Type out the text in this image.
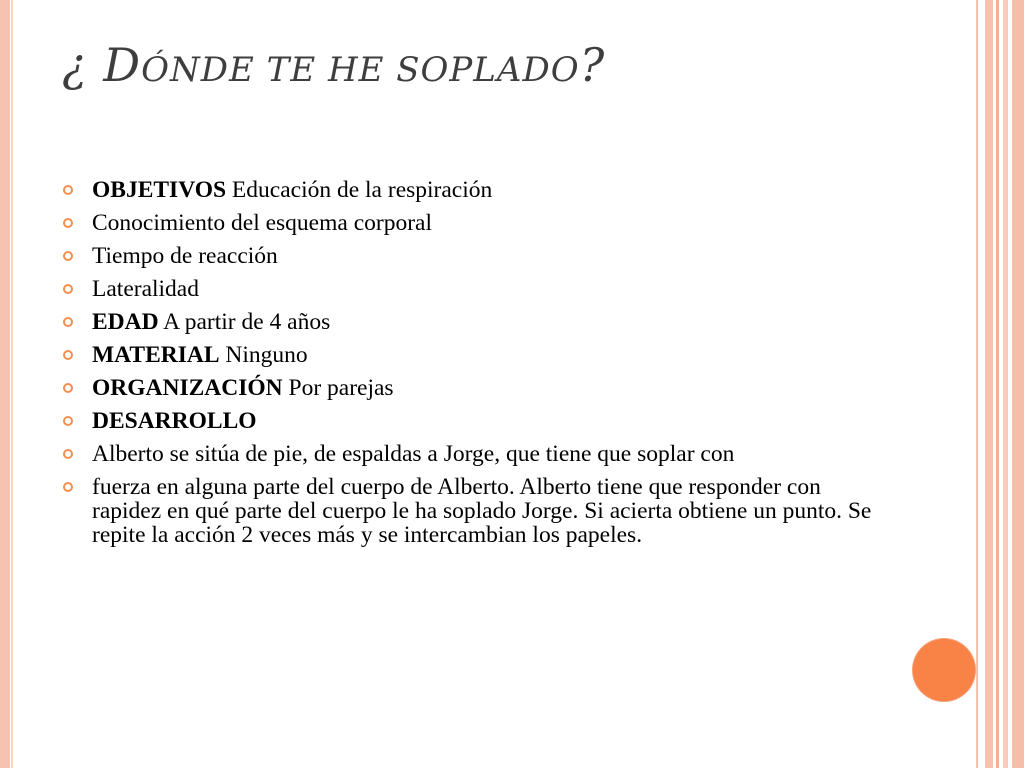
¿ DÓNDE TE HE SOPLADO?
OBJETIVOS Educación de la respiración
Conocimiento del esquema corporal
Tiempo de reacción
Lateralidad
EDAD A partir de 4 años
MATERIAL Ninguno
ORGANIZACIÓN Por parejas
DESARROLLO
Alberto se sitúa de pie, de espaldas a Jorge, que tiene que soplar con
fuerza en alguna parte del cuerpo de Alberto. Alberto tiene que responder con rapidez en qué parte del cuerpo le ha soplado Jorge. Si acierta obtiene un punto. Se repite la acción 2 veces más y se intercambian los papeles.
